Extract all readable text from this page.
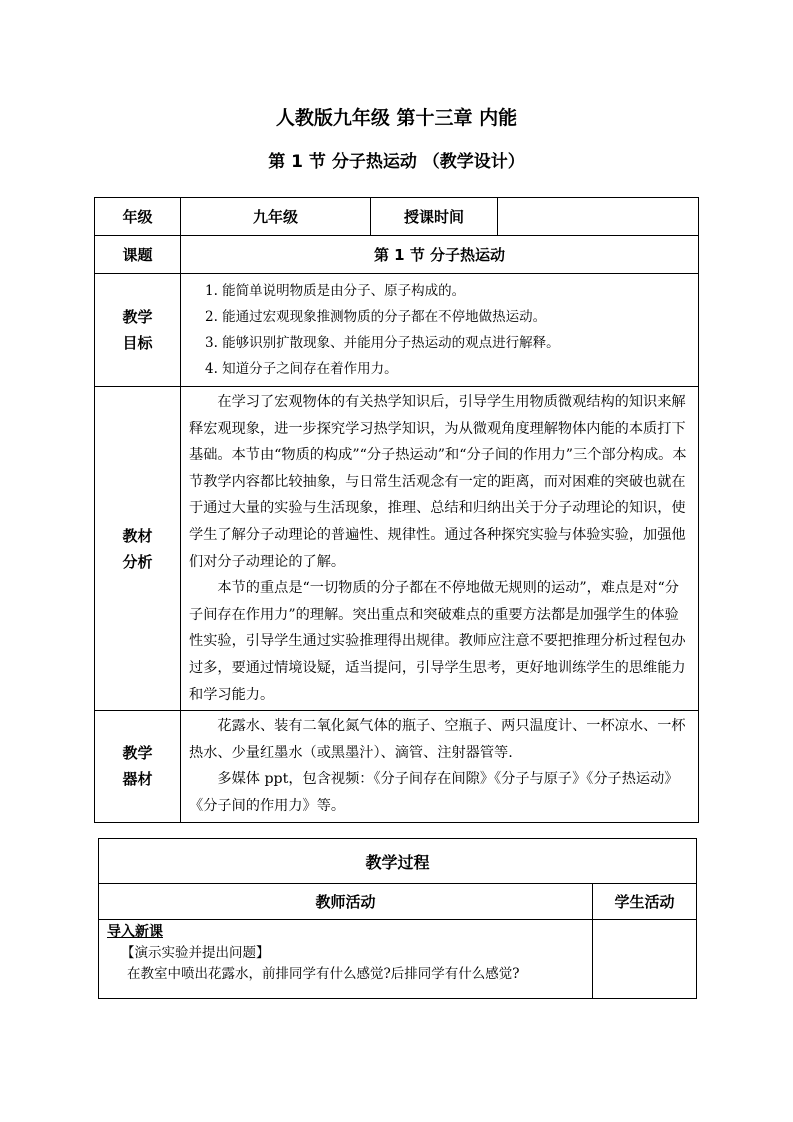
人教版九年级 第十三章 内能
第 1 节 分子热运动 （教学设计）
年级	九年级	授课时间	
课题	第 1 节 分子热运动		
教学目标	1. 能简单说明物质是由分子、原子构成的。
2. 能通过宏观现象推测物质的分子都在不停地做热运动。
3. 能够识别扩散现象、并能用分子热运动的观点进行解释。
4. 知道分子之间存在着作用力。		

教材分析	在学习了宏观物体的有关热学知识后，引导学生用物质微观结构的知识来解释宏观现象，进一步探究学习热学知识，为从微观角度理解物体内能的本质打下基础。本节由“物质的构成”“分子热运动”和“分子间的作用力”三个部分构成。本节教学内容都比较抽象，与日常生活观念有一定的距离，而对困难的突破也就在于通过大量的实验与生活现象，推理、总结和归纳出关于分子动理论的知识，使学生了解分子动理论的普遍性、规律性。通过各种探究实验与体验实验，加强他们对分子动理论的了解。

本节的重点是“一切物质的分子都在不停地做无规则的运动”，难点是对“分子间存在作用力”的理解。突出重点和突破难点的重要方法都是加强学生的体验性实验，引导学生通过实验推理得出规律。教师应注意不要把推理分析过程包办过多，要通过情境设疑，适当提问，引导学生思考，更好地训练学生的思维能力和学习能力。		

教学器材	花露水、装有二氧化氮气体的瓶子、空瓶子、两只温度计、一杯凉水、一杯热水、少量红墨水（或黑墨汁）、滴管、注射器管等.

多媒体 ppt，包含视频：《分子间存在间隙》《分子与原子》《分子热运动》《分子间的作用力》等。		

教学过程	
教师活动	学生活动

导入新课
【演示实验并提出问题】
在教室中喷出花露水，前排同学有什么感觉?后排同学有什么感觉?	
